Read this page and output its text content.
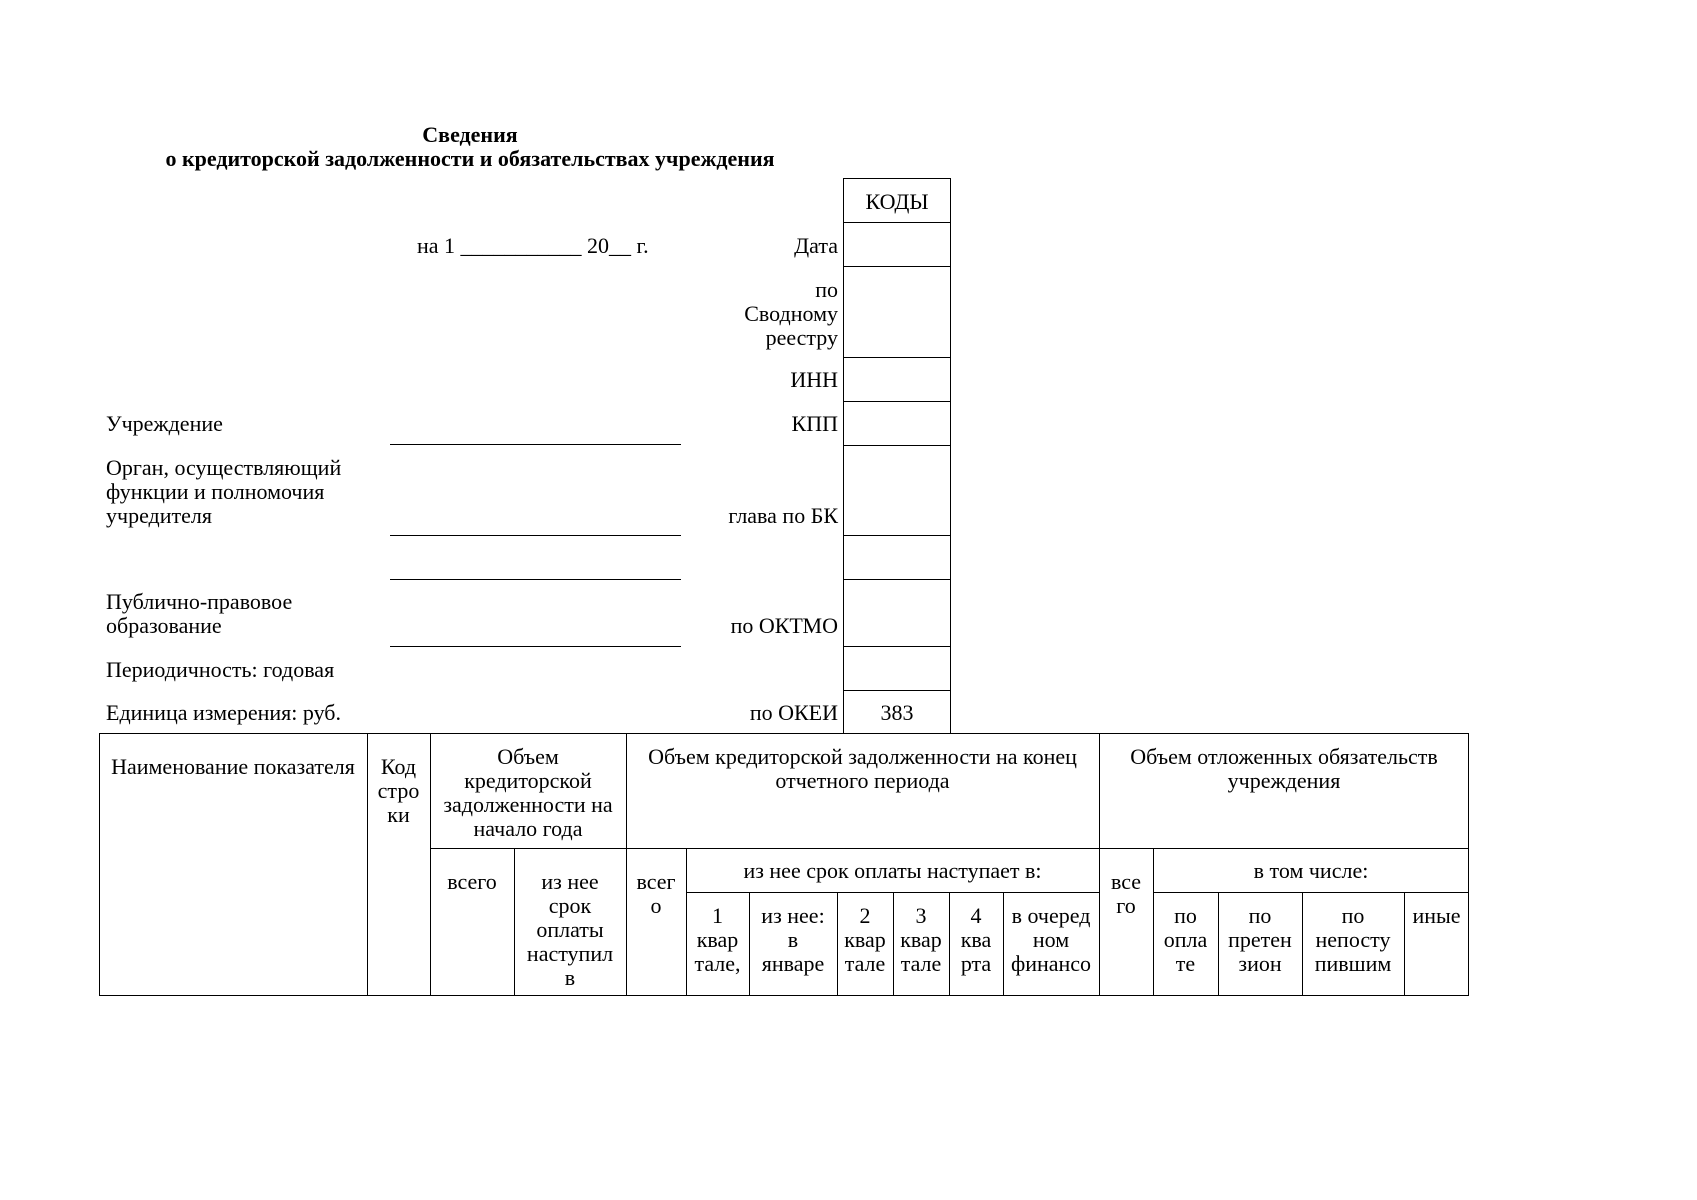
Сведения
о кредиторской задолженности и обязательствах учреждения
на 1 ___________ 20__ г.
КОДЫ
383
Дата
по
Сводному
реестру
ИНН
КПП
глава по БК
по ОКТМО
по ОКЕИ
Учреждение
Орган, осуществляющий
функции и полномочия
учредителя
Публично-правовое
образование
Периодичность: годовая
Единица измерения: руб.
Наименование показателя	Код
стро
ки
Объем
кредиторской
задолженности на
начало года
Объем кредиторской задолженности на конец
отчетного периода
Объем отложенных обязательств
учреждения
всего	из нее
срок
оплаты
наступил
в
всег
о
из нее срок оплаты наступает в:
1
квар
тале,
из нее:
в
январе
2
квар
тале
3
квар
тале
4
ква
рта
в очеред
ном
финансо
все
го
в том числе:
по
опла
те
по
претен
зион
по
непосту
пившим
иные
